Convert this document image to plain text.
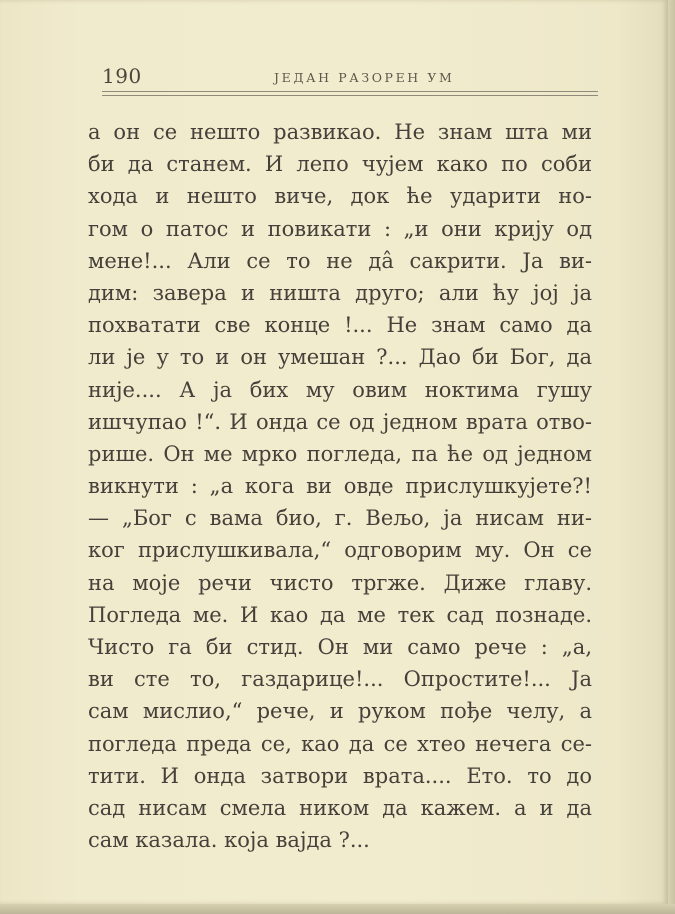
190	ЈЕДАН РАЗОРЕН УМ
а он се нешто развикао. Не знам шта ми
би да станем. И лепо чујем како по соби
хода и нешто виче, док ће ударити но-
гом о патос и повикати : „и они крију од
мене!... Али се то не да̂ сакрити. Ја ви-
дим: завера и ништа друго; али ћу јој ја
похватати све конце !... Не знам само да
ли је у то и он умешан ?... Дао би Бог, да
није.... А ја бих му овим ноктима гушу
ишчупао !“. И онда се од једном врата отво-
рише. Он ме мрко погледа, па ће од једном
викнути : „а кога ви овде прислушкујете?!
— „Бог с вама био, г. Вељо, ја нисам ни-
ког прислушкивала,“ одговорим му. Он се
на моје речи чисто тргже. Диже главу.
Погледа ме. И као да ме тек сад познаде.
Чисто га би стид. Он ми само рече : „а,
ви сте то, газдарице!... Опростите!... Ја
сам мислио,“ рече, и руком пође челу, а
погледа преда се, као да се хтео нечега се-
тити. И онда затвори врата.... Ето. то до
сад нисам смела ником да кажем. а и да
сам казала. која вајда ?...
